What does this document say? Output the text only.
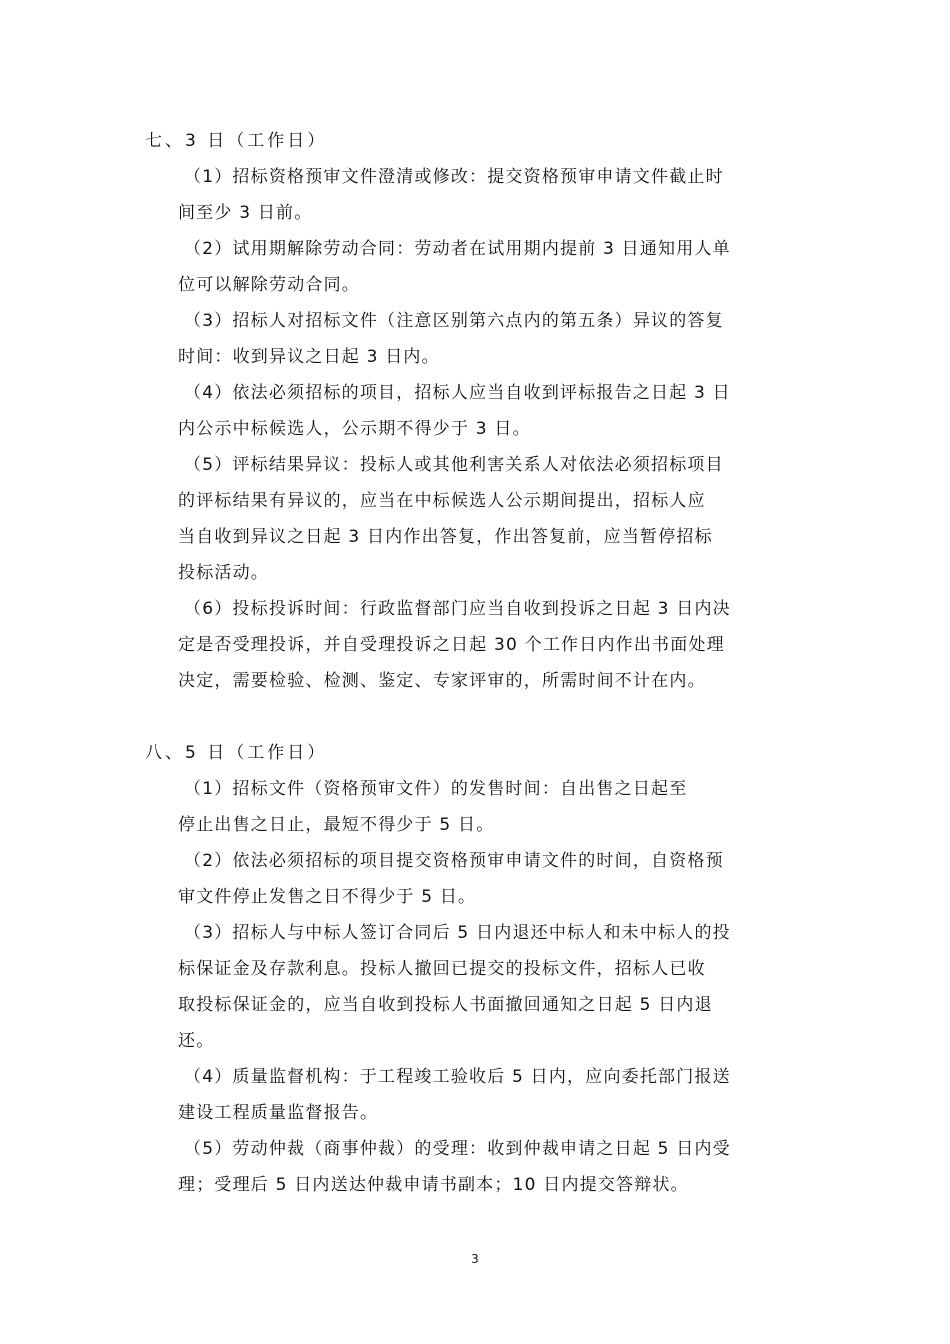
七、3 日（工作日）
（1）招标资格预审文件澄清或修改：提交资格预审申请文件截止时
间至少 3 日前。
（2）试用期解除劳动合同：劳动者在试用期内提前 3 日通知用人单
位可以解除劳动合同。
（3）招标人对招标文件（注意区别第六点内的第五条）异议的答复
时间：收到异议之日起 3 日内。
（4）依法必须招标的项目，招标人应当自收到评标报告之日起 3 日
内公示中标候选人，公示期不得少于 3 日。
（5）评标结果异议：投标人或其他利害关系人对依法必须招标项目
的评标结果有异议的，应当在中标候选人公示期间提出，招标人应
当自收到异议之日起 3 日内作出答复，作出答复前，应当暂停招标
投标活动。
（6）投标投诉时间：行政监督部门应当自收到投诉之日起 3 日内决
定是否受理投诉，并自受理投诉之日起 30 个工作日内作出书面处理
决定，需要检验、检测、鉴定、专家评审的，所需时间不计在内。
八、5 日（工作日）
（1）招标文件（资格预审文件）的发售时间：自出售之日起至
停止出售之日止，最短不得少于 5 日。
（2）依法必须招标的项目提交资格预审申请文件的时间，自资格预
审文件停止发售之日不得少于 5 日。
（3）招标人与中标人签订合同后 5 日内退还中标人和未中标人的投
标保证金及存款利息。投标人撤回已提交的投标文件，招标人已收
取投标保证金的，应当自收到投标人书面撤回通知之日起 5 日内退
还。
（4）质量监督机构：于工程竣工验收后 5 日内，应向委托部门报送
建设工程质量监督报告。
（5）劳动仲裁（商事仲裁）的受理：收到仲裁申请之日起 5 日内受
理；受理后 5 日内送达仲裁申请书副本；10 日内提交答辩状。
3
